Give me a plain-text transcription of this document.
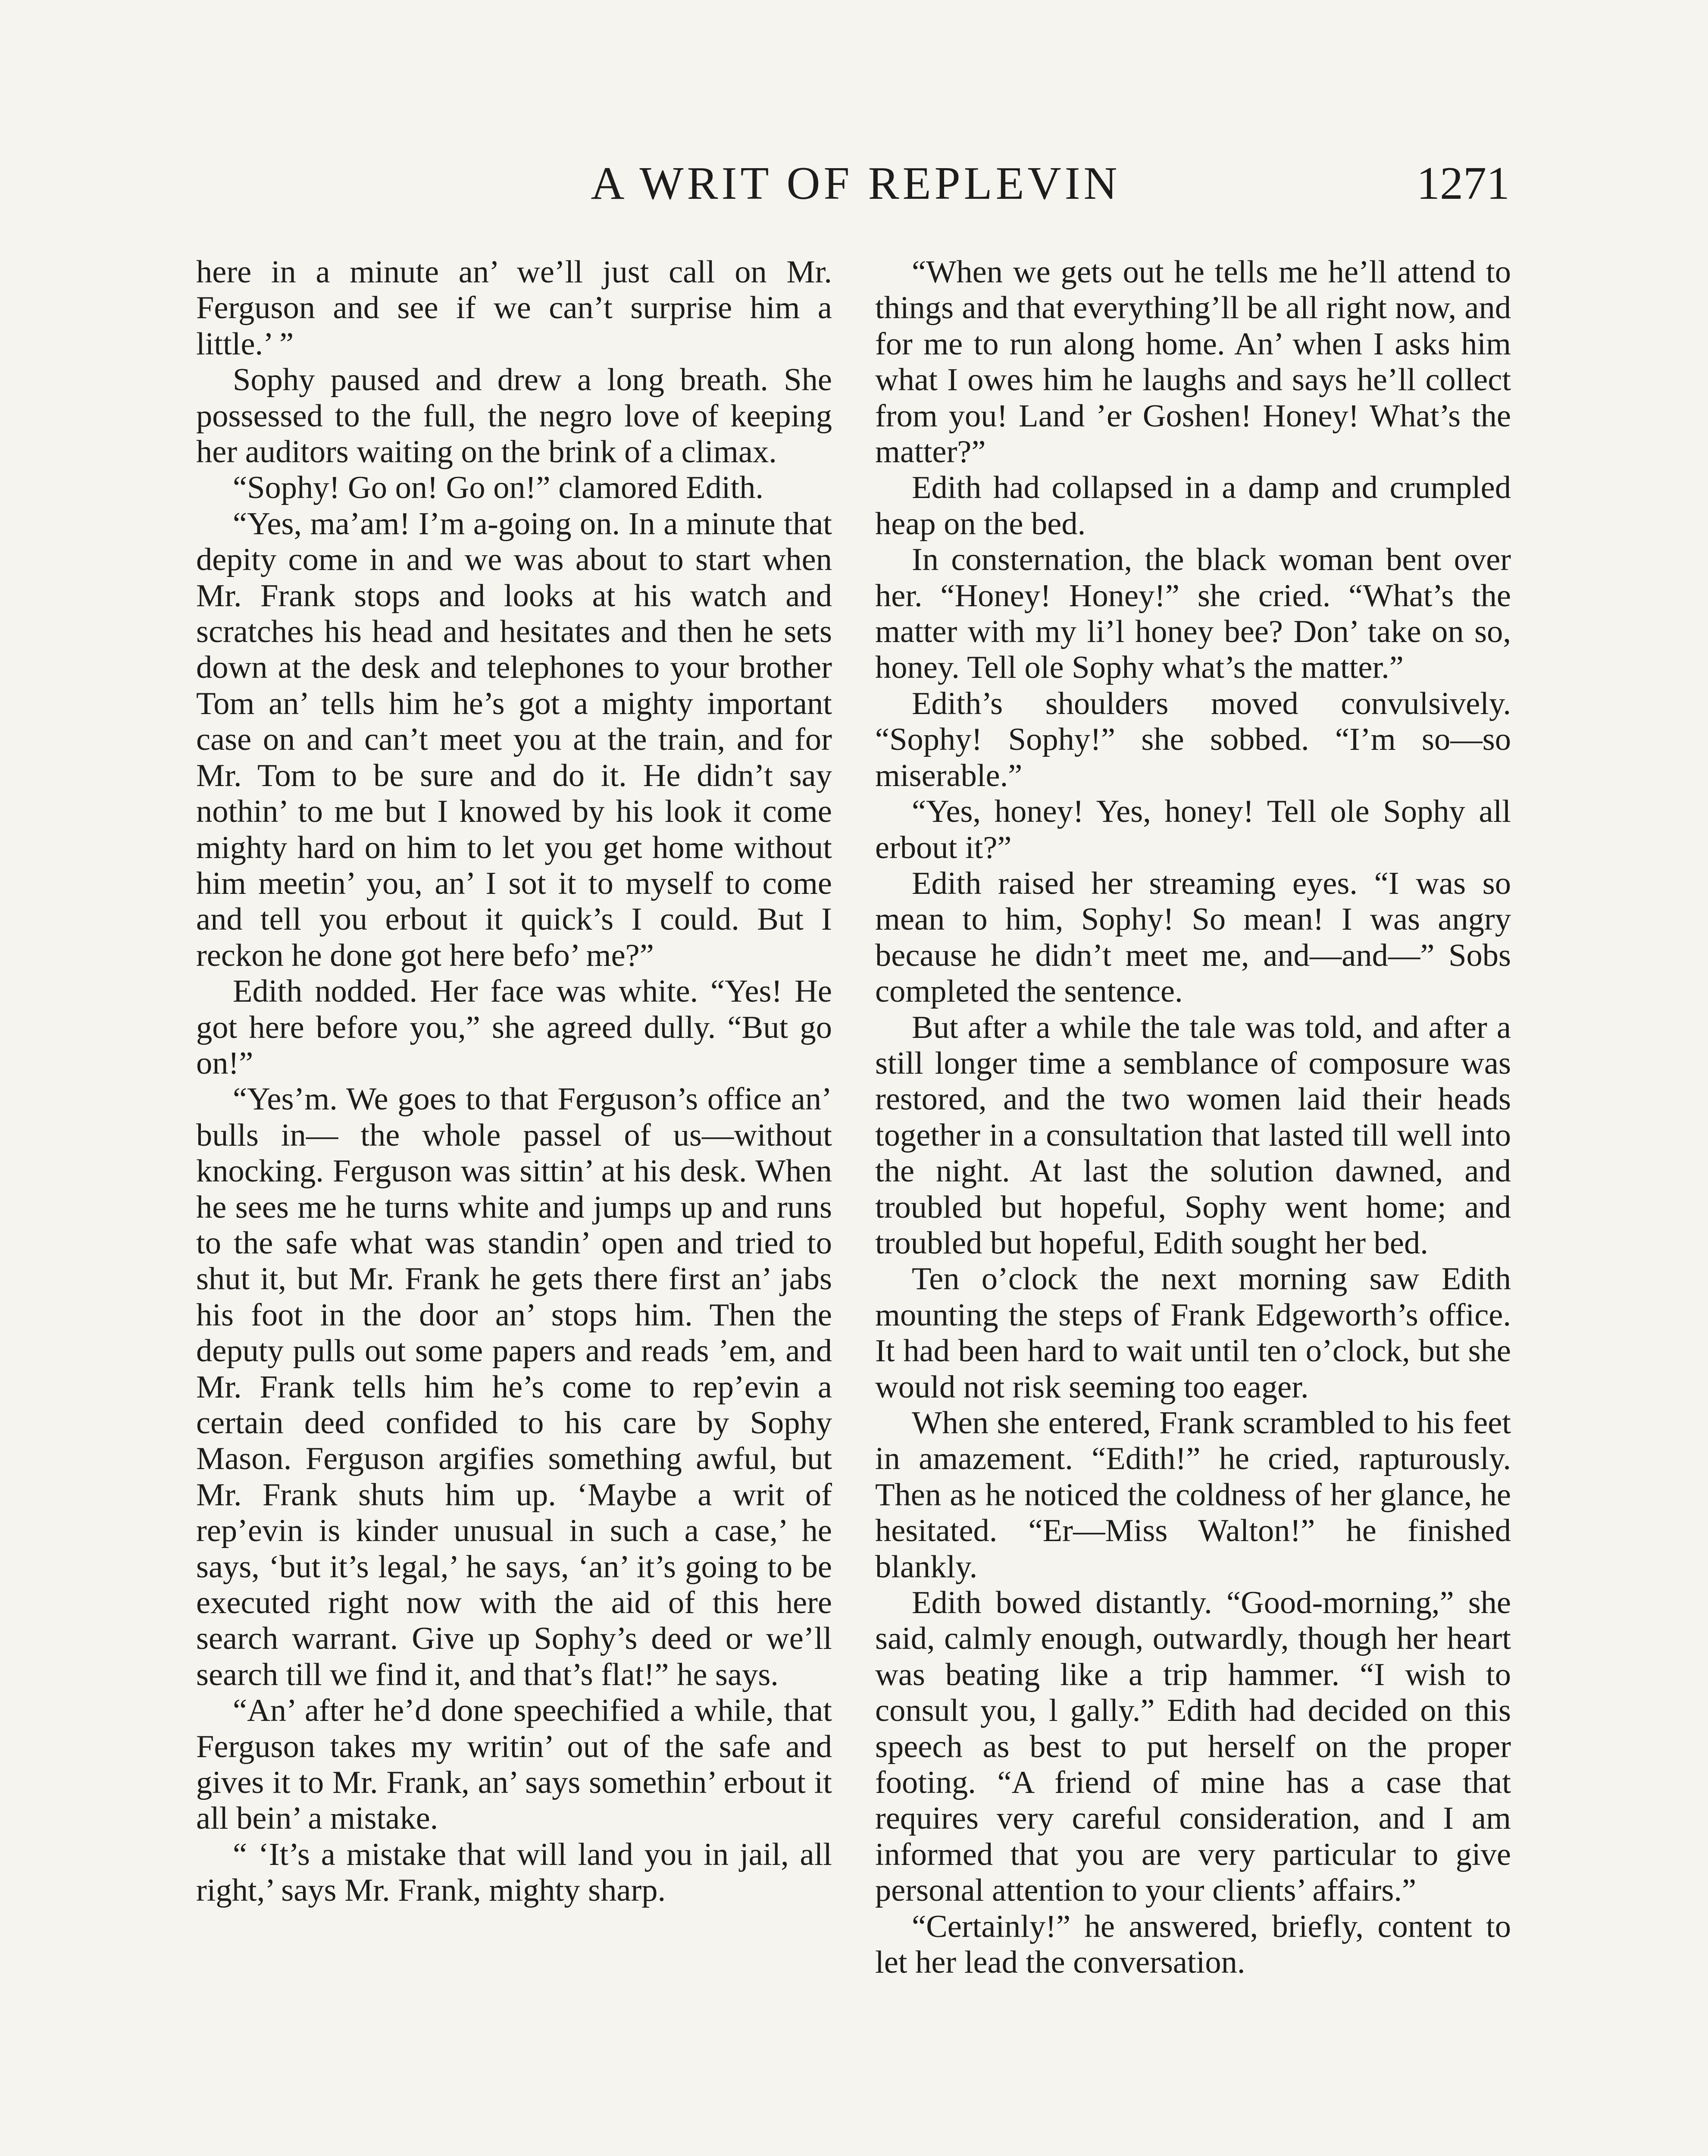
A WRIT OF REPLEVIN	1271

here in a minute an’ we’ll just call on Mr. Ferguson and see if we can’t surprise him a little.’ ”

Sophy paused and drew a long breath. She possessed to the full, the negro love of keeping her auditors waiting on the brink of a climax.

“Sophy! Go on! Go on!” clamored Edith.

“Yes, ma’am! I’m a-going on. In a minute that depity come in and we was about to start when Mr. Frank stops and looks at his watch and scratches his head and hesitates and then he sets down at the desk and telephones to your brother Tom an’ tells him he’s got a mighty important case on and can’t meet you at the train, and for Mr. Tom to be sure and do it. He didn’t say nothin’ to me but I knowed by his look it come mighty hard on him to let you get home without him meetin’ you, an’ I sot it to myself to come and tell you erbout it quick’s I could. But I reckon he done got here befo’ me?”

Edith nodded. Her face was white. “Yes! He got here before you,” she agreed dully. “But go on!”

“Yes’m. We goes to that Ferguson’s office an’ bulls in— the whole passel of us—without knocking. Ferguson was sittin’ at his desk. When he sees me he turns white and jumps up and runs to the safe what was standin’ open and tried to shut it, but Mr. Frank he gets there first an’ jabs his foot in the door an’ stops him. Then the deputy pulls out some papers and reads ’em, and Mr. Frank tells him he’s come to rep’evin a certain deed confided to his care by Sophy Mason. Ferguson argifies something awful, but Mr. Frank shuts him up. ‘Maybe a writ of rep’evin is kinder unusual in such a case,’ he says, ‘but it’s legal,’ he says, ‘an’ it’s going to be executed right now with the aid of this here search warrant. Give up Sophy’s deed or we’ll search till we find it, and that’s flat!” he says.

“An’ after he’d done speechified a while, that Ferguson takes my writin’ out of the safe and gives it to Mr. Frank, an’ says somethin’ erbout it all bein’ a mistake.

“ ‘It’s a mistake that will land you in jail, all right,’ says Mr. Frank, mighty sharp.

“When we gets out he tells me he’ll attend to things and that everything’ll be all right now, and for me to run along home. An’ when I asks him what I owes him he laughs and says he’ll collect from you! Land ’er Goshen! Honey! What’s the matter?”

Edith had collapsed in a damp and crumpled heap on the bed.

In consternation, the black woman bent over her. “Honey! Honey!” she cried. “What’s the matter with my li’l honey bee? Don’ take on so, honey. Tell ole Sophy what’s the matter.”

Edith’s shoulders moved convulsively. “Sophy! Sophy!” she sobbed. “I’m so—so miserable.”

“Yes, honey! Yes, honey! Tell ole Sophy all erbout it?”

Edith raised her streaming eyes. “I was so mean to him, Sophy! So mean! I was angry because he didn’t meet me, and—and—” Sobs completed the sentence.

But after a while the tale was told, and after a still longer time a semblance of composure was restored, and the two women laid their heads together in a consultation that lasted till well into the night. At last the solution dawned, and troubled but hopeful, Sophy went home; and troubled but hopeful, Edith sought her bed.

Ten o’clock the next morning saw Edith mounting the steps of Frank Edgeworth’s office. It had been hard to wait until ten o’clock, but she would not risk seeming too eager.

When she entered, Frank scrambled to his feet in amazement. “Edith!” he cried, rapturously. Then as he noticed the coldness of her glance, he hesitated. “Er—Miss Walton!” he finished blankly.

Edith bowed distantly. “Good-morning,” she said, calmly enough, outwardly, though her heart was beating like a trip hammer. “I wish to consult you, l gally.” Edith had decided on this speech as best to put herself on the proper footing. “A friend of mine has a case that requires very careful consideration, and I am informed that you are very particular to give personal attention to your clients’ affairs.”

“Certainly!” he answered, briefly, content to let her lead the conversation.
